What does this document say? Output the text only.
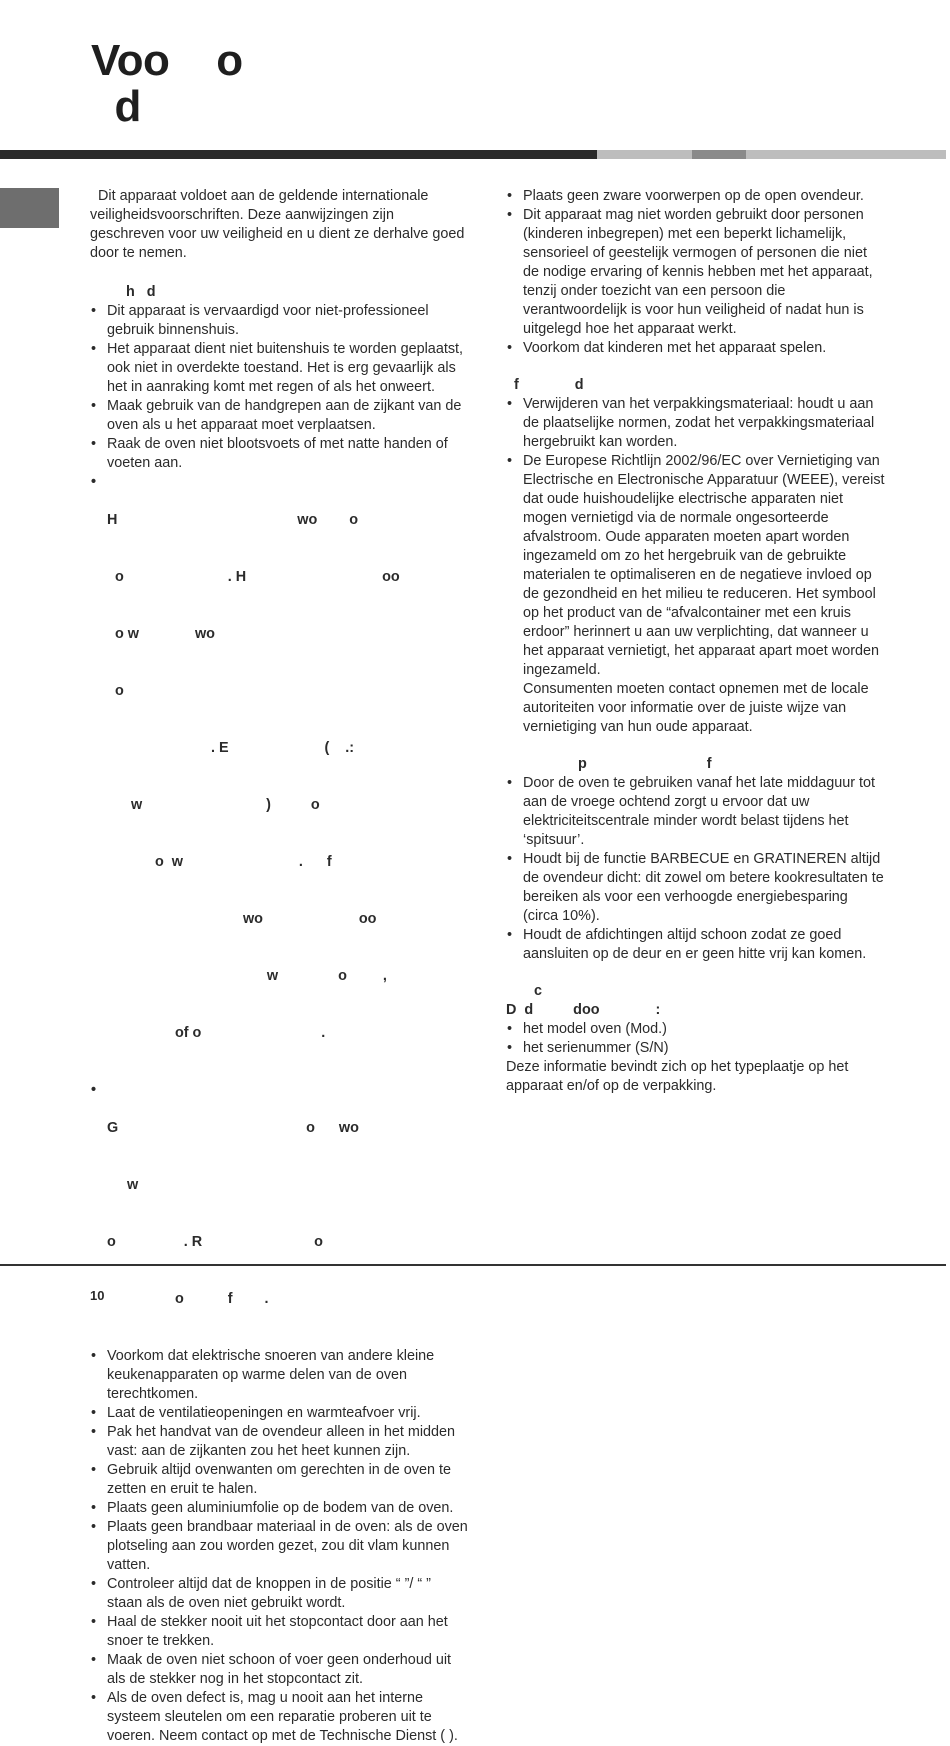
Voo    o
d

Dit apparaat voldoet aan de geldende internationale veiligheidsvoorschriften. Deze aanwijzingen zijn geschreven voor uw veiligheid en u dient ze derhalve goed door te nemen.

h   d

• Dit apparaat is vervaardigd voor niet-professioneel gebruik binnenshuis.
• Het apparaat dient niet buitenshuis te worden geplaatst, ook niet in overdekte toestand. Het is erg gevaarlijk als het in aanraking komt met regen of als het onweert.
• Maak gebruik van de handgrepen aan de zijkant van de oven als u het apparaat moet verplaatsen.
• Raak de oven niet blootsvoets of met natte handen of voeten aan.

• H                                             wo        o

o                          . H                                  oo

o w              wo

o

. E                        (    .:

w                               )          o

o  w                             .      f

wo                        oo

w               o         ,

of o                              .

• G                                               o      wo

w

o                 . R                            o

o           f        .

• Voorkom dat elektrische snoeren van andere kleine keukenapparaten op warme delen van de oven terechtkomen.
• Laat de ventilatieopeningen en warmteafvoer vrij.
• Pak het handvat van de ovendeur alleen in het midden vast: aan de zijkanten zou het heet kunnen zijn.
• Gebruik altijd ovenwanten om gerechten in de oven te zetten en eruit te halen.
• Plaats geen aluminiumfolie op de bodem van de oven.
• Plaats geen brandbaar materiaal in de oven: als de oven plotseling aan zou worden gezet, zou dit vlam kunnen vatten.
• Controleer altijd dat de knoppen in de positie “ ”/ “ ” staan als de oven niet gebruikt wordt.
• Haal de stekker nooit uit het stopcontact door aan het snoer te trekken.
• Maak de oven niet schoon of voer geen onderhoud uit als de stekker nog in het stopcontact zit.
• Als de oven defect is, mag u nooit aan het interne systeem sleutelen om een reparatie proberen uit te voeren. Neem contact op met de Technische Dienst ( ).
• Plaats geen zware voorwerpen op de open ovendeur.
• Dit apparaat mag niet worden gebruikt door personen (kinderen inbegrepen) met een beperkt lichamelijk, sensorieel of geestelijk vermogen of personen die niet de nodige ervaring of kennis hebben met het apparaat, tenzij onder toezicht van een persoon die verantwoordelijk is voor hun veiligheid of nadat hun is uitgelegd hoe het apparaat werkt.
• Voorkom dat kinderen met het apparaat spelen.

f              d

• Verwijderen van het verpakkingsmateriaal: houdt u aan de plaatselijke normen, zodat het verpakkingsmateriaal hergebruikt kan worden.
• De Europese Richtlijn 2002/96/EC over Vernietiging van Electrische en Electronische Apparatuur (WEEE), vereist dat oude huishoudelijke electrische apparaten niet mogen vernietigd via de normale ongesorteerde afvalstroom. Oude apparaten moeten apart worden ingezameld om zo het hergebruik van de gebruikte materialen te optimaliseren en de negatieve invloed op de gezondheid en het milieu te reduceren. Het symbool op het product van de “afvalcontainer met een kruis erdoor” herinnert u aan uw verplichting, dat wanneer u het apparaat vernietigt, het apparaat apart moet worden ingezameld.

Consumenten moeten contact opnemen met de locale autoriteiten voor informatie over de juiste wijze van vernietiging van hun oude apparaat.

p                              f

• Door de oven te gebruiken vanaf het late middaguur tot aan de vroege ochtend zorgt u ervoor dat uw elektriciteitscentrale minder wordt belast tijdens het ‘spitsuur’.
• Houdt bij de functie BARBECUE en GRATINEREN altijd de ovendeur dicht: dit zowel om betere kookresultaten te bereiken als voor een verhoogde energiebesparing (circa 10%).
• Houdt de afdichtingen altijd schoon zodat ze goed aansluiten op de deur en er geen hitte vrij kan komen.

c

D  d          doo              :

• het model oven (Mod.)
• het serienummer (S/N)

Deze informatie bevindt zich op het typeplaatje op het apparaat en/of op de verpakking.

10
